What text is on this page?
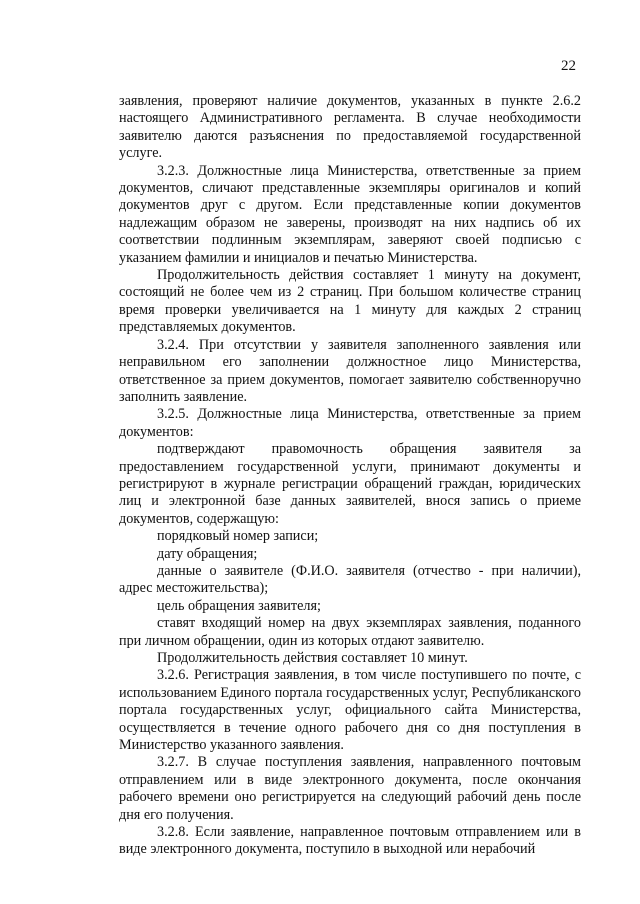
22

заявления, проверяют наличие документов, указанных в пункте 2.6.2 настоящего Административного регламента. В случае необходимости заявителю даются разъяснения по предоставляемой государственной услуге.

3.2.3. Должностные лица Министерства, ответственные за прием документов, сличают представленные экземпляры оригиналов и копий документов друг с другом. Если представленные копии документов надлежащим образом не заверены, производят на них надпись об их соответствии подлинным экземплярам, заверяют своей подписью с указанием фамилии и инициалов и печатью Министерства.

Продолжительность действия составляет 1 минуту на документ, состоящий не более чем из 2 страниц. При большом количестве страниц время проверки увеличивается на 1 минуту для каждых 2 страниц представляемых документов.

3.2.4. При отсутствии у заявителя заполненного заявления или неправильном его заполнении должностное лицо Министерства, ответственное за прием документов, помогает заявителю собственноручно заполнить заявление.

3.2.5. Должностные лица Министерства, ответственные за прием документов:

подтверждают правомочность обращения заявителя за предоставлением государственной услуги, принимают документы и регистрируют в журнале регистрации обращений граждан, юридических лиц и электронной базе данных заявителей, внося запись о приеме документов, содержащую:

порядковый номер записи;

дату обращения;

данные о заявителе (Ф.И.О. заявителя (отчество - при наличии), адрес местожительства);

цель обращения заявителя;

ставят входящий номер на двух экземплярах заявления, поданного при личном обращении, один из которых отдают заявителю.

Продолжительность действия составляет 10 минут.

3.2.6. Регистрация заявления, в том числе поступившего по почте, с использованием Единого портала государственных услуг, Республиканского портала государственных услуг, официального сайта Министерства, осуществляется в течение одного рабочего дня со дня поступления в Министерство указанного заявления.

3.2.7. В случае поступления заявления, направленного почтовым отправлением или в виде электронного документа, после окончания рабочего времени оно регистрируется на следующий рабочий день после дня его получения.

3.2.8. Если заявление, направленное почтовым отправлением или в виде электронного документа, поступило в выходной или нерабочий
